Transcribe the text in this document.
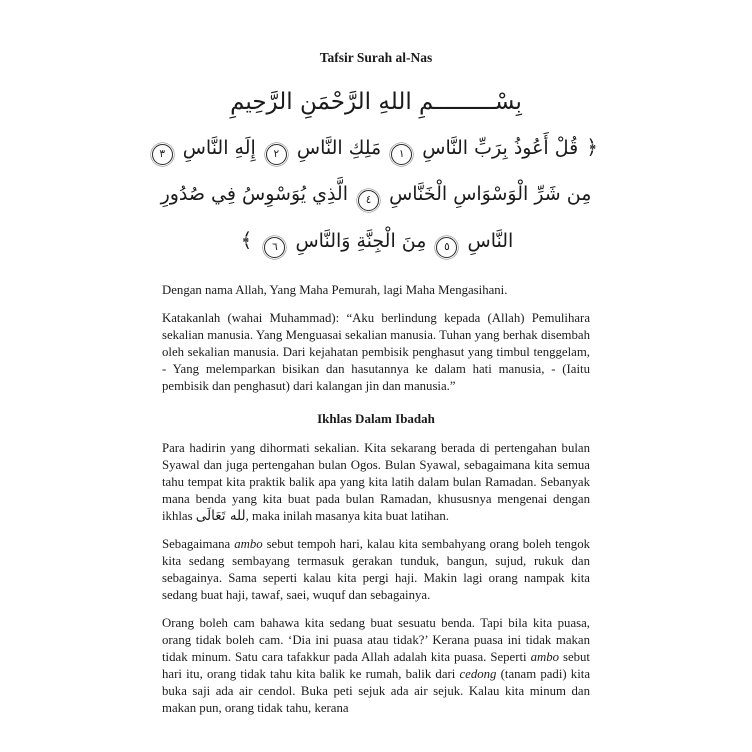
Tafsir Surah al-Nas
بِسْـــــــــمِ اللهِ الرَّحْمَنِ الرَّحِيمِ
﴿ قُلْ أَعُوذُ بِرَبِّ النَّاسِ ١ مَلِكِ النَّاسِ ٢ إِلَهِ النَّاسِ ٣
مِن شَرِّ الْوَسْوَاسِ الْخَنَّاسِ ٤ الَّذِي يُوَسْوِسُ فِي صُدُورِ
النَّاسِ ٥ مِنَ الْجِنَّةِ وَالنَّاسِ ٦ ﴾

Dengan nama Allah, Yang Maha Pemurah, lagi Maha Mengasihani.

Katakanlah (wahai Muhammad): “Aku berlindung kepada (Allah) Pemulihara sekalian manusia. Yang Menguasai sekalian manusia. Tuhan yang berhak disembah oleh sekalian manusia. Dari kejahatan pembisik penghasut yang timbul tenggelam, - Yang melemparkan bisikan dan hasutannya ke dalam hati manusia, - (Iaitu pembisik dan penghasut) dari kalangan jin dan manusia.”

Ikhlas Dalam Ibadah

Para hadirin yang dihormati sekalian. Kita sekarang berada di pertengahan bulan Syawal dan juga pertengahan bulan Ogos. Bulan Syawal, sebagaimana kita semua tahu tempat kita praktik balik apa yang kita latih dalam bulan Ramadan. Sebanyak mana benda yang kita buat pada bulan Ramadan, khususnya mengenai dengan ikhlas لله تَعَالَى, maka inilah masanya kita buat latihan.

Sebagaimana ambo sebut tempoh hari, kalau kita sembahyang orang boleh tengok kita sedang sembayang termasuk gerakan tunduk, bangun, sujud, rukuk dan sebagainya. Sama seperti kalau kita pergi haji. Makin lagi orang nampak kita sedang buat haji, tawaf, saei, wuquf dan sebagainya.

Orang boleh cam bahawa kita sedang buat sesuatu benda. Tapi bila kita puasa, orang tidak boleh cam. ‘Dia ini puasa atau tidak?’ Kerana puasa ini tidak makan tidak minum. Satu cara tafakkur pada Allah adalah kita puasa. Seperti ambo sebut hari itu, orang tidak tahu kita balik ke rumah, balik dari cedong (tanam padi) kita buka saji ada air cendol. Buka peti sejuk ada air sejuk. Kalau kita minum dan makan pun, orang tidak tahu, kerana
